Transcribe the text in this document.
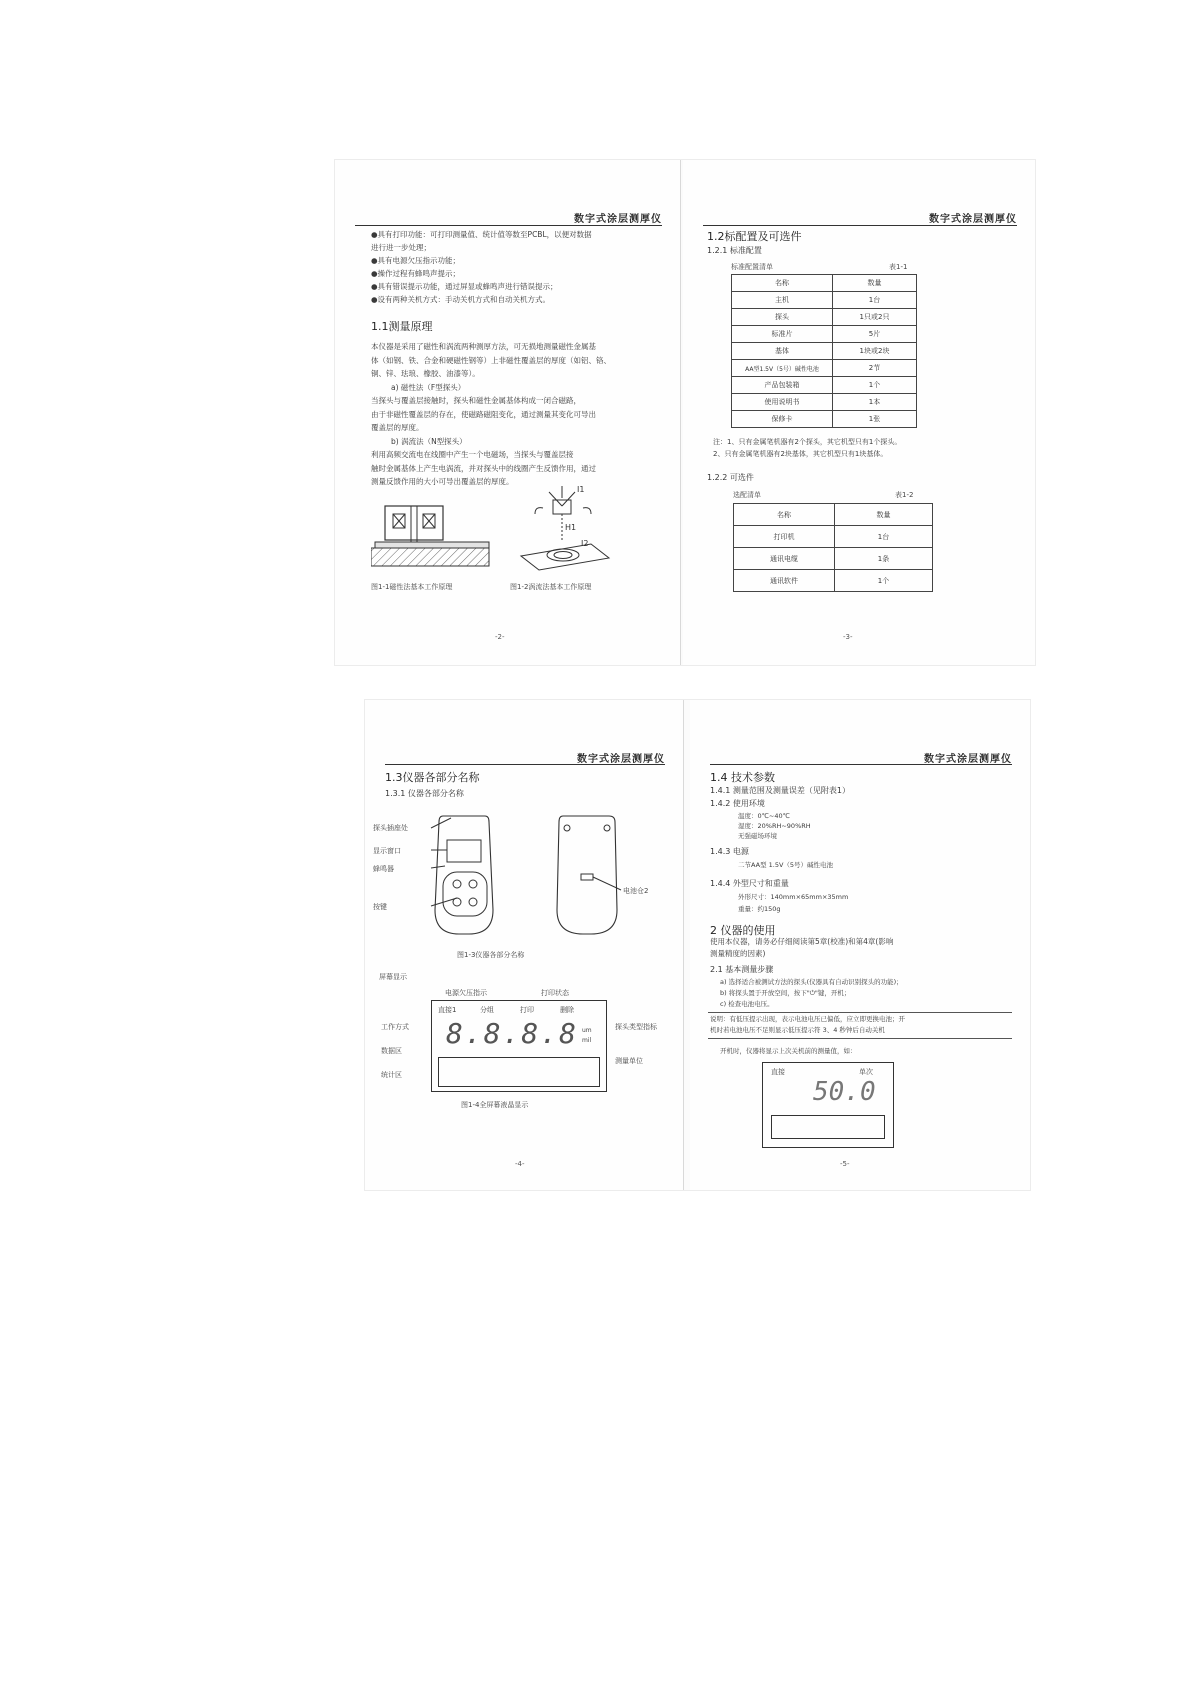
数字式涂层测厚仪
●具有打印功能：可打印测量值、统计值等数至PCBL，以便对数据
进行进一步处理；
●具有电源欠压指示功能；
●操作过程有蜂鸣声提示；
●具有错误提示功能，通过屏显或蜂鸣声进行错误提示；
●设有两种关机方式：手动关机方式和自动关机方式。
1.1测量原理
本仪器是采用了磁性和涡流两种测厚方法，可无损地测量磁性金属基
体（如钢、铁、合金和硬磁性钢等）上非磁性覆盖层的厚度（如铝、铬、
铜、锌、珐琅、橡胶、油漆等）。
a) 磁性法（F型探头）
当探头与覆盖层接触时，探头和磁性金属基体构成一闭合磁路，
由于非磁性覆盖层的存在，使磁路磁阻变化，通过测量其变化可导出
覆盖层的厚度。
b) 涡流法（N型探头）
利用高频交流电在线圈中产生一个电磁场，当探头与覆盖层接
触时金属基体上产生电涡流，并对探头中的线圈产生反馈作用，通过
测量反馈作用的大小可导出覆盖层的厚度。
图1-1磁性法基本工作原理
I1
H1
I2
图1-2涡流法基本工作原理
-2-
数字式涂层测厚仪
1.2标配置及可选件
1.2.1 标准配置
标准配置清单	表1-1
名称	数量
主机	1台
探头	1只或2只
标准片	5片
基体	1块或2块
AA型1.5V（5号）碱性电池	2节
产品包装箱	1个
使用说明书	1本
保修卡	1张
注：1、只有金属笔机器有2个探头，其它机型只有1个探头。
2、只有金属笔机器有2块基体，其它机型只有1块基体。
1.2.2 可选件
选配清单	表1-2
名称	数量
打印机	1台
通讯电缆	1条
通讯软件	1个
-3-
数字式涂层测厚仪
1.3仪器各部分名称
1.3.1 仪器各部分名称
探头插座处
显示窗口
蜂鸣器
按键
电池仓2
图1-3仪器各部分名称
屏幕显示
直接1	分组	打印	删除
8.8.8.8 um
mil
电源欠压指示	打印状态
工作方式
数据区
统计区
探头类型指标
测量单位
图1-4全屏幕液晶显示
-4-
数字式涂层测厚仪
1.4 技术参数
1.4.1 测量范围及测量误差（见附表1）
1.4.2 使用环境
温度：0℃~40℃
湿度：20%RH~90%RH
无强磁场环境
1.4.3 电源
二节AA型 1.5V（5号）碱性电池
1.4.4 外型尺寸和重量
外形尺寸：140mm×65mm×35mm
重量：约150g
2 仪器的使用
使用本仪器，请务必仔细阅读第5章(校准)和第4章(影响
测量精度的因素)
2.1 基本测量步骤
a) 选择适合被测试方法的探头(仪器具有自动识别探头的功能)；
b) 将探头置于开放空间，按下"⏻"键，开机；
c) 检查电池电压。
说明：有低压提示出现，表示电池电压已偏低，应立即更换电池；开
机时若电池电压不足则显示低压提示符 3、4 秒钟后自动关机
开机时，仪器将显示上次关机前的测量值，如：
直接	单次
50.0
-5-
